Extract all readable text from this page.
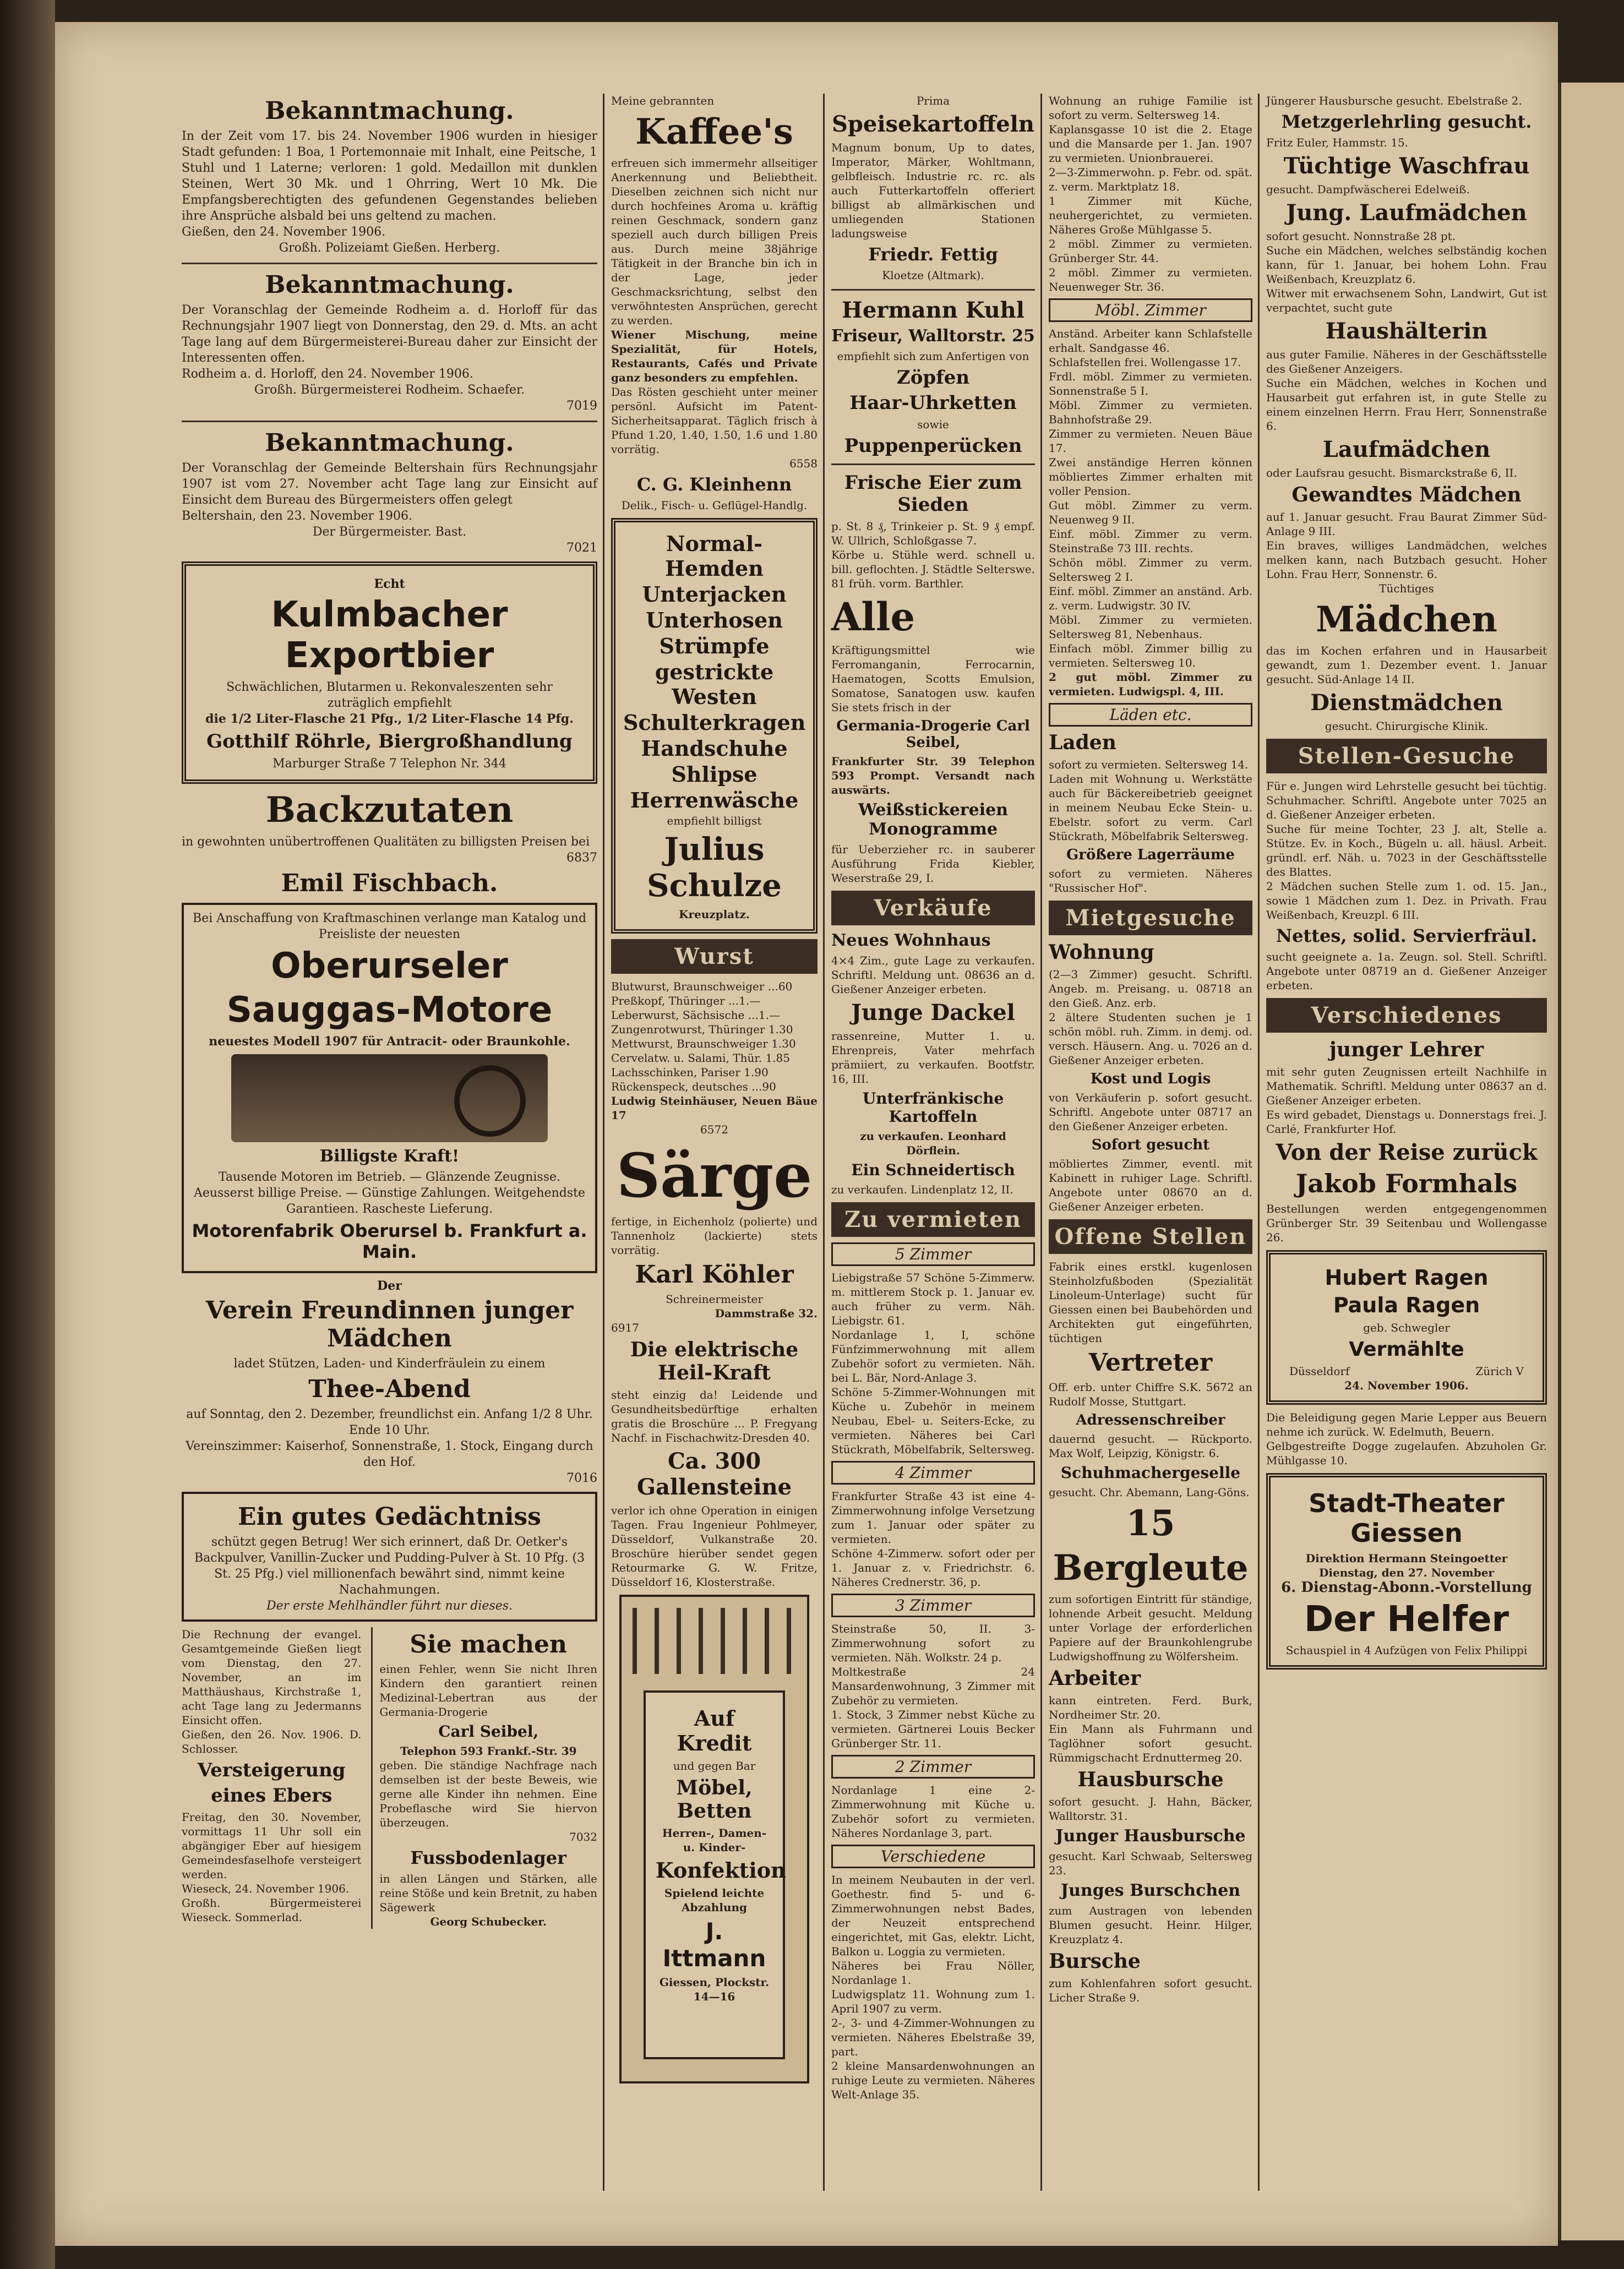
Bekanntmachung.

In der Zeit vom 17. bis 24. November 1906 wurden in hiesiger Stadt gefunden: 1 Boa, 1 Portemonnaie mit Inhalt, eine Peitsche, 1 Stuhl und 1 Laterne; verloren: 1 gold. Medaillon mit dunklen Steinen, Wert 30 Mk. und 1 Ohrring, Wert 10 Mk. Die Empfangsberechtigten des gefundenen Gegenstandes belieben ihre Ansprüche alsbald bei uns geltend zu machen.

Gießen, den 24. November 1906.

Großh. Polizeiamt Gießen. Herberg.

Bekanntmachung.

Der Voranschlag der Gemeinde Rodheim a. d. Horloff für das Rechnungsjahr 1907 liegt von Donnerstag, den 29. d. Mts. an acht Tage lang auf dem Bürgermeisterei-Bureau daher zur Einsicht der Interessenten offen.

Rodheim a. d. Horloff, den 24. November 1906.

Großh. Bürgermeisterei Rodheim. Schaefer.

7019

Bekanntmachung.

Der Voranschlag der Gemeinde Beltershain fürs Rechnungsjahr 1907 ist vom 27. November acht Tage lang zur Einsicht auf Einsicht dem Bureau des Bürgermeisters offen gelegt

Beltershain, den 23. November 1906.

Der Bürgermeister. Bast.

7021

Echt
Kulmbacher Exportbier

Schwächlichen, Blutarmen u. Rekonvaleszenten sehr zuträglich empfiehlt

die 1/2 Liter-Flasche 21 Pfg., 1/2 Liter-Flasche 14 Pfg.

Gotthilf Röhrle, Biergroßhandlung

Marburger Straße 7 Telephon Nr. 344

Backzutaten

in gewohnten unübertroffenen Qualitäten zu billigsten Preisen bei

6837

Emil Fischbach.

Bei Anschaffung von Kraftmaschinen verlange man Katalog und Preisliste der neuesten

Oberurseler
Sauggas-Motore

neuestes Modell 1907 für Antracit- oder Braunkohle.

Billigste Kraft!

Tausende Motoren im Betrieb. — Glänzende Zeugnisse. Aeusserst billige Preise. — Günstige Zahlungen. Weitgehendste Garantieen. Rascheste Lieferung.

Motorenfabrik Oberursel b. Frankfurt a. Main.
Der
Verein Freundinnen junger Mädchen

ladet Stützen, Laden- und Kinderfräulein zu einem

Thee-Abend

auf Sonntag, den 2. Dezember, freundlichst ein. Anfang 1/2 8 Uhr. Ende 10 Uhr.

Vereinszimmer: Kaiserhof, Sonnenstraße, 1. Stock, Eingang durch den Hof.

7016

Ein gutes Gedächtniss

schützt gegen Betrug! Wer sich erinnert, daß Dr. Oetker's Backpulver, Vanillin-Zucker und Pudding-Pulver à St. 10 Pfg. (3 St. 25 Pfg.) viel millionenfach bewährt sind, nimmt keine Nachahmungen.

Der erste Mehlhändler führt nur dieses.

Die Rechnung der evangel. Gesamtgemeinde Gießen liegt vom Dienstag, den 27. November, an im Matthäushaus, Kirchstraße 1, acht Tage lang zu Jedermanns Einsicht offen.

Gießen, den 26. Nov. 1906. D. Schlosser.

Versteigerung
eines Ebers

Freitag, den 30. November, vormittags 11 Uhr soll ein abgängiger Eber auf hiesigem Gemeindesfaselhofe versteigert werden.

Wieseck, 24. November 1906.

Großh. Bürgermeisterei Wieseck. Sommerlad.

Sie machen

einen Fehler, wenn Sie nicht Ihren Kindern den garantiert reinen Medizinal-Lebertran aus der Germania-Drogerie

Carl Seibel,

Telephon 593 Frankf.-Str. 39

geben. Die ständige Nachfrage nach demselben ist der beste Beweis, wie gerne alle Kinder ihn nehmen. Eine Probeflasche wird Sie hiervon überzeugen.

7032

Fussbodenlager

in allen Längen und Stärken, alle reine Stöße und kein Bretnit, zu haben Sägewerk

Georg Schubecker.

Meine gebrannten

Kaffee's

erfreuen sich immermehr allseitiger Anerkennung und Beliebtheit. Dieselben zeichnen sich nicht nur durch hochfeines Aroma u. kräftig reinen Geschmack, sondern ganz speziell auch durch billigen Preis aus. Durch meine 38jährige Tätigkeit in der Branche bin ich in der Lage, jeder Geschmacksrichtung, selbst den verwöhntesten Ansprüchen, gerecht zu werden.

Wiener Mischung, meine Spezialität, für Hotels, Restaurants, Cafés und Private ganz besonders zu empfehlen.

Das Rösten geschieht unter meiner persönl. Aufsicht im Patent-Sicherheitsapparat. Täglich frisch à Pfund 1.20, 1.40, 1.50, 1.6 und 1.80 vorrätig.

6558

C. G. Kleinhenn

Delik., Fisch- u. Geflügel-Handlg.

Normal-Hemden
Unterjacken
Unterhosen
Strümpfe
gestrickte Westen
Schulterkragen
Handschuhe
Shlipse
Herrenwäsche

empfiehlt billigst

Julius Schulze

Kreuzplatz.

Wurst

Blutwurst, Braunschweiger ...60

Preßkopf, Thüringer ...1.—

Leberwurst, Sächsische ...1.—

Zungenrotwurst, Thüringer 1.30

Mettwurst, Braunschweiger 1.30

Cervelatw. u. Salami, Thür. 1.85

Lachsschinken, Pariser 1.90

Rückenspeck, deutsches ...90

Ludwig Steinhäuser, Neuen Bäue 17

6572

Särge

fertige, in Eichenholz (polierte) und Tannenholz (lackierte) stets vorrätig.

Karl Köhler

Schreinermeister

Dammstraße 32.

6917

Die elektrische Heil-Kraft

steht einzig da! Leidende und Gesundheitsbedürftige erhalten gratis die Broschüre ... P. Fregyang Nachf. in Fischachwitz-Dresden 40.

Ca. 300 Gallensteine

verlor ich ohne Operation in einigen Tagen. Frau Ingenieur Pohlmeyer, Düsseldorf, Vulkanstraße 20. Broschüre hierüber sendet gegen Retourmarke G. W. Fritze, Düsseldorf 16, Klosterstraße.

Auf Kredit

und gegen Bar

Möbel, Betten

Herren-, Damen- u. Kinder-

Konfektion

Spielend leichte Abzahlung

J. Ittmann

Giessen, Plockstr. 14—16

Prima

Speisekartoffeln

Magnum bonum, Up to dates, Imperator, Märker, Wohltmann, gelbfleisch. Industrie rc. rc. als auch Futterkartoffeln offeriert billigst ab allmärkischen und umliegenden Stationen ladungsweise

Friedr. Fettig

Kloetze (Altmark).

Hermann Kuhl
Friseur, Walltorstr. 25

empfiehlt sich zum Anfertigen von

Zöpfen
Haar-Uhrketten

sowie

Puppenperücken
Frische Eier zum Sieden

p. St. 8 ₰, Trinkeier p. St. 9 ₰ empf. W. Ullrich, Schloßgasse 7.

Körbe u. Stühle werd. schnell u. bill. geflochten. J. Städtle Selterswe. 81 früh. vorm. Barthler.

Alle

Kräftigungsmittel wie Ferromanganin, Ferrocarnin, Haematogen, Scotts Emulsion, Somatose, Sanatogen usw. kaufen Sie stets frisch in der

Germania-Drogerie Carl Seibel,

Frankfurter Str. 39 Telephon 593 Prompt. Versandt nach auswärts.

Weißstickereien Monogramme

für Ueberzieher rc. in sauberer Ausführung Frida Kiebler, Weserstraße 29, I.

Verkäufe
Neues Wohnhaus

4×4 Zim., gute Lage zu verkaufen. Schriftl. Meldung unt. 08636 an d. Gießener Anzeiger erbeten.

Junge Dackel

rassenreine, Mutter 1. u. Ehrenpreis, Vater mehrfach prämiiert, zu verkaufen. Bootfstr. 16, III.

Unterfränkische Kartoffeln

zu verkaufen. Leonhard Dörflein.

Ein Schneidertisch

zu verkaufen. Lindenplatz 12, II.

Zu vermieten
5 Zimmer

Liebigstraße 57 Schöne 5-Zimmerw. m. mittlerem Stock p. 1. Januar ev. auch früher zu verm. Näh. Liebigstr. 61.

Nordanlage 1, I, schöne Fünfzimmerwohnung mit allem Zubehör sofort zu vermieten. Näh. bei L. Bär, Nord-Anlage 3.

Schöne 5-Zimmer-Wohnungen mit Küche u. Zubehör in meinem Neubau, Ebel- u. Seiters-Ecke, zu vermieten. Näheres bei Carl Stückrath, Möbelfabrik, Seltersweg.

4 Zimmer

Frankfurter Straße 43 ist eine 4-Zimmerwohnung infolge Versetzung zum 1. Januar oder später zu vermieten.

Schöne 4-Zimmerw. sofort oder per 1. Januar z. v. Friedrichstr. 6. Näheres Crednerstr. 36, p.

3 Zimmer

Steinstraße 50, II. 3-Zimmerwohnung sofort zu vermieten. Näh. Wolkstr. 24 p.

Moltkestraße 24 Mansardenwohnung, 3 Zimmer mit Zubehör zu vermieten.

1. Stock, 3 Zimmer nebst Küche zu vermieten. Gärtnerei Louis Becker Grünberger Str. 11.

2 Zimmer

Nordanlage 1 eine 2-Zimmerwohnung mit Küche u. Zubehör sofort zu vermieten. Näheres Nordanlage 3, part.

Verschiedene

In meinem Neubauten in der verl. Goethestr. find 5- und 6-Zimmerwohnungen nebst Bades, der Neuzeit entsprechend eingerichtet, mit Gas, elektr. Licht, Balkon u. Loggia zu vermieten.

Näheres bei Frau Nöller, Nordanlage 1.

Ludwigsplatz 11. Wohnung zum 1. April 1907 zu verm.

2-, 3- und 4-Zimmer-Wohnungen zu vermieten. Näheres Ebelstraße 39, part.

2 kleine Mansardenwohnungen an ruhige Leute zu vermieten. Näheres Welt-Anlage 35.

Wohnung an ruhige Familie ist sofort zu verm. Seltersweg 14.

Kaplansgasse 10 ist die 2. Etage und die Mansarde per 1. Jan. 1907 zu vermieten. Unionbrauerei.

2—3-Zimmerwohn. p. Febr. od. spät. z. verm. Marktplatz 18.

1 Zimmer mit Küche, neuhergerichtet, zu vermieten. Näheres Große Mühlgasse 5.

2 möbl. Zimmer zu vermieten. Grünberger Str. 44.

2 möbl. Zimmer zu vermieten. Neuenweger Str. 36.

Möbl. Zimmer

Anständ. Arbeiter kann Schlafstelle erhalt. Sandgasse 46.

Schlafstellen frei. Wollengasse 17.

Frdl. möbl. Zimmer zu vermieten. Sonnenstraße 5 I.

Möbl. Zimmer zu vermieten. Bahnhofstraße 29.

Zimmer zu vermieten. Neuen Bäue 17.

Zwei anständige Herren können möbliertes Zimmer erhalten mit voller Pension.

Gut möbl. Zimmer zu verm. Neuenweg 9 II.

Einf. möbl. Zimmer zu verm. Steinstraße 73 III. rechts.

Schön möbl. Zimmer zu verm. Seltersweg 2 I.

Einf. möbl. Zimmer an anständ. Arb. z. verm. Ludwigstr. 30 IV.

Möbl. Zimmer zu vermieten. Seltersweg 81, Nebenhaus.

Einfach möbl. Zimmer billig zu vermieten. Seltersweg 10.

2 gut möbl. Zimmer zu vermieten. Ludwigspl. 4, III.

Läden etc.
Laden

sofort zu vermieten. Seltersweg 14.

Laden mit Wohnung u. Werkstätte auch für Bäckereibetrieb geeignet in meinem Neubau Ecke Stein- u. Ebelstr. sofort zu verm. Carl Stückrath, Möbelfabrik Seltersweg.

Größere Lagerräume

sofort zu vermieten. Näheres "Russischer Hof".

Mietgesuche
Wohnung

(2—3 Zimmer) gesucht. Schriftl. Angeb. m. Preisang. u. 08718 an den Gieß. Anz. erb.

2 ältere Studenten suchen je 1 schön möbl. ruh. Zimm. in demj. od. versch. Häusern. Ang. u. 7026 an d. Gießener Anzeiger erbeten.

Kost und Logis

von Verkäuferin p. sofort gesucht. Schriftl. Angebote unter 08717 an den Gießener Anzeiger erbeten.

Sofort gesucht

möbliertes Zimmer, eventl. mit Kabinett in ruhiger Lage. Schriftl. Angebote unter 08670 an d. Gießener Anzeiger erbeten.

Offene Stellen

Fabrik eines erstkl. kugenlosen Steinholzfußboden (Spezialität Linoleum-Unterlage) sucht für Giessen einen bei Baubehörden und Architekten gut eingeführten, tüchtigen

Vertreter

Off. erb. unter Chiffre S.K. 5672 an Rudolf Mosse, Stuttgart.

Adressenschreiber

dauernd gesucht. — Rückporto. Max Wolf, Leipzig, Königstr. 6.

Schuhmachergeselle

gesucht. Chr. Abemann, Lang-Göns.

15
Bergleute

zum sofortigen Eintritt für ständige, lohnende Arbeit gesucht. Meldung unter Vorlage der erforderlichen Papiere auf der Braunkohlengrube Ludwigshoffnung zu Wölfersheim.

Arbeiter

kann eintreten. Ferd. Burk, Nordheimer Str. 20.

Ein Mann als Fuhrmann und Taglöhner sofort gesucht. Rümmigschacht Erdnuttermeg 20.

Hausbursche

sofort gesucht. J. Hahn, Bäcker, Walltorstr. 31.

Junger Hausbursche

gesucht. Karl Schwaab, Seltersweg 23.

Junges Burschchen

zum Austragen von lebenden Blumen gesucht. Heinr. Hilger, Kreuzplatz 4.

Bursche

zum Kohlenfahren sofort gesucht. Licher Straße 9.

Jüngerer Hausbursche gesucht. Ebelstraße 2.

Metzgerlehrling gesucht.

Fritz Euler, Hammstr. 15.

Tüchtige Waschfrau

gesucht. Dampfwäscherei Edelweiß.

Jung. Laufmädchen

sofort gesucht. Nonnstraße 28 pt.

Suche ein Mädchen, welches selbständig kochen kann, für 1. Januar, bei hohem Lohn. Frau Weißenbach, Kreuzplatz 6.

Witwer mit erwachsenem Sohn, Landwirt, Gut ist verpachtet, sucht gute

Haushälterin

aus guter Familie. Näheres in der Geschäftsstelle des Gießener Anzeigers.

Suche ein Mädchen, welches in Kochen und Hausarbeit gut erfahren ist, in gute Stelle zu einem einzelnen Herrn. Frau Herr, Sonnenstraße 6.

Laufmädchen

oder Laufsrau gesucht. Bismarckstraße 6, II.

Gewandtes Mädchen

auf 1. Januar gesucht. Frau Baurat Zimmer Süd-Anlage 9 III.

Ein braves, williges Landmädchen, welches melken kann, nach Butzbach gesucht. Hoher Lohn. Frau Herr, Sonnenstr. 6.

Tüchtiges

Mädchen

das im Kochen erfahren und in Hausarbeit gewandt, zum 1. Dezember event. 1. Januar gesucht. Süd-Anlage 14 II.

Dienstmädchen

gesucht. Chirurgische Klinik.

Stellen-Gesuche

Für e. Jungen wird Lehrstelle gesucht bei tüchtig. Schuhmacher. Schriftl. Angebote unter 7025 an d. Gießener Anzeiger erbeten.

Suche für meine Tochter, 23 J. alt, Stelle a. Stütze. Ev. in Koch., Bügeln u. all. häusl. Arbeit. gründl. erf. Näh. u. 7023 in der Geschäftsstelle des Blattes.

2 Mädchen suchen Stelle zum 1. od. 15. Jan., sowie 1 Mädchen zum 1. Dez. in Privath. Frau Weißenbach, Kreuzpl. 6 III.

Nettes, solid. Servierfräul.

sucht geeignete a. 1a. Zeugn. sol. Stell. Schriftl. Angebote unter 08719 an d. Gießener Anzeiger erbeten.

Verschiedenes
junger Lehrer

mit sehr guten Zeugnissen erteilt Nachhilfe in Mathematik. Schriftl. Meldung unter 08637 an d. Gießener Anzeiger erbeten.

Es wird gebadet, Dienstags u. Donnerstags frei. J. Carlé, Frankfurter Hof.

Von der Reise zurück
Jakob Formhals

Bestellungen werden entgegengenommen Grünberger Str. 39 Seitenbau und Wollengasse 26.

Hubert Ragen
Paula Ragen

geb. Schwegler

Vermählte
Düsseldorf	Zürich V

24. November 1906.

Die Beleidigung gegen Marie Lepper aus Beuern nehme ich zurück. W. Edelmuth, Beuern.

Gelbgestreifte Dogge zugelaufen. Abzuholen Gr. Mühlgasse 10.

Stadt-Theater Giessen

Direktion Hermann Steingoetter

Dienstag, den 27. November

6. Dienstag-Abonn.-Vorstellung

Der Helfer

Schauspiel in 4 Aufzügen von Felix Philippi
